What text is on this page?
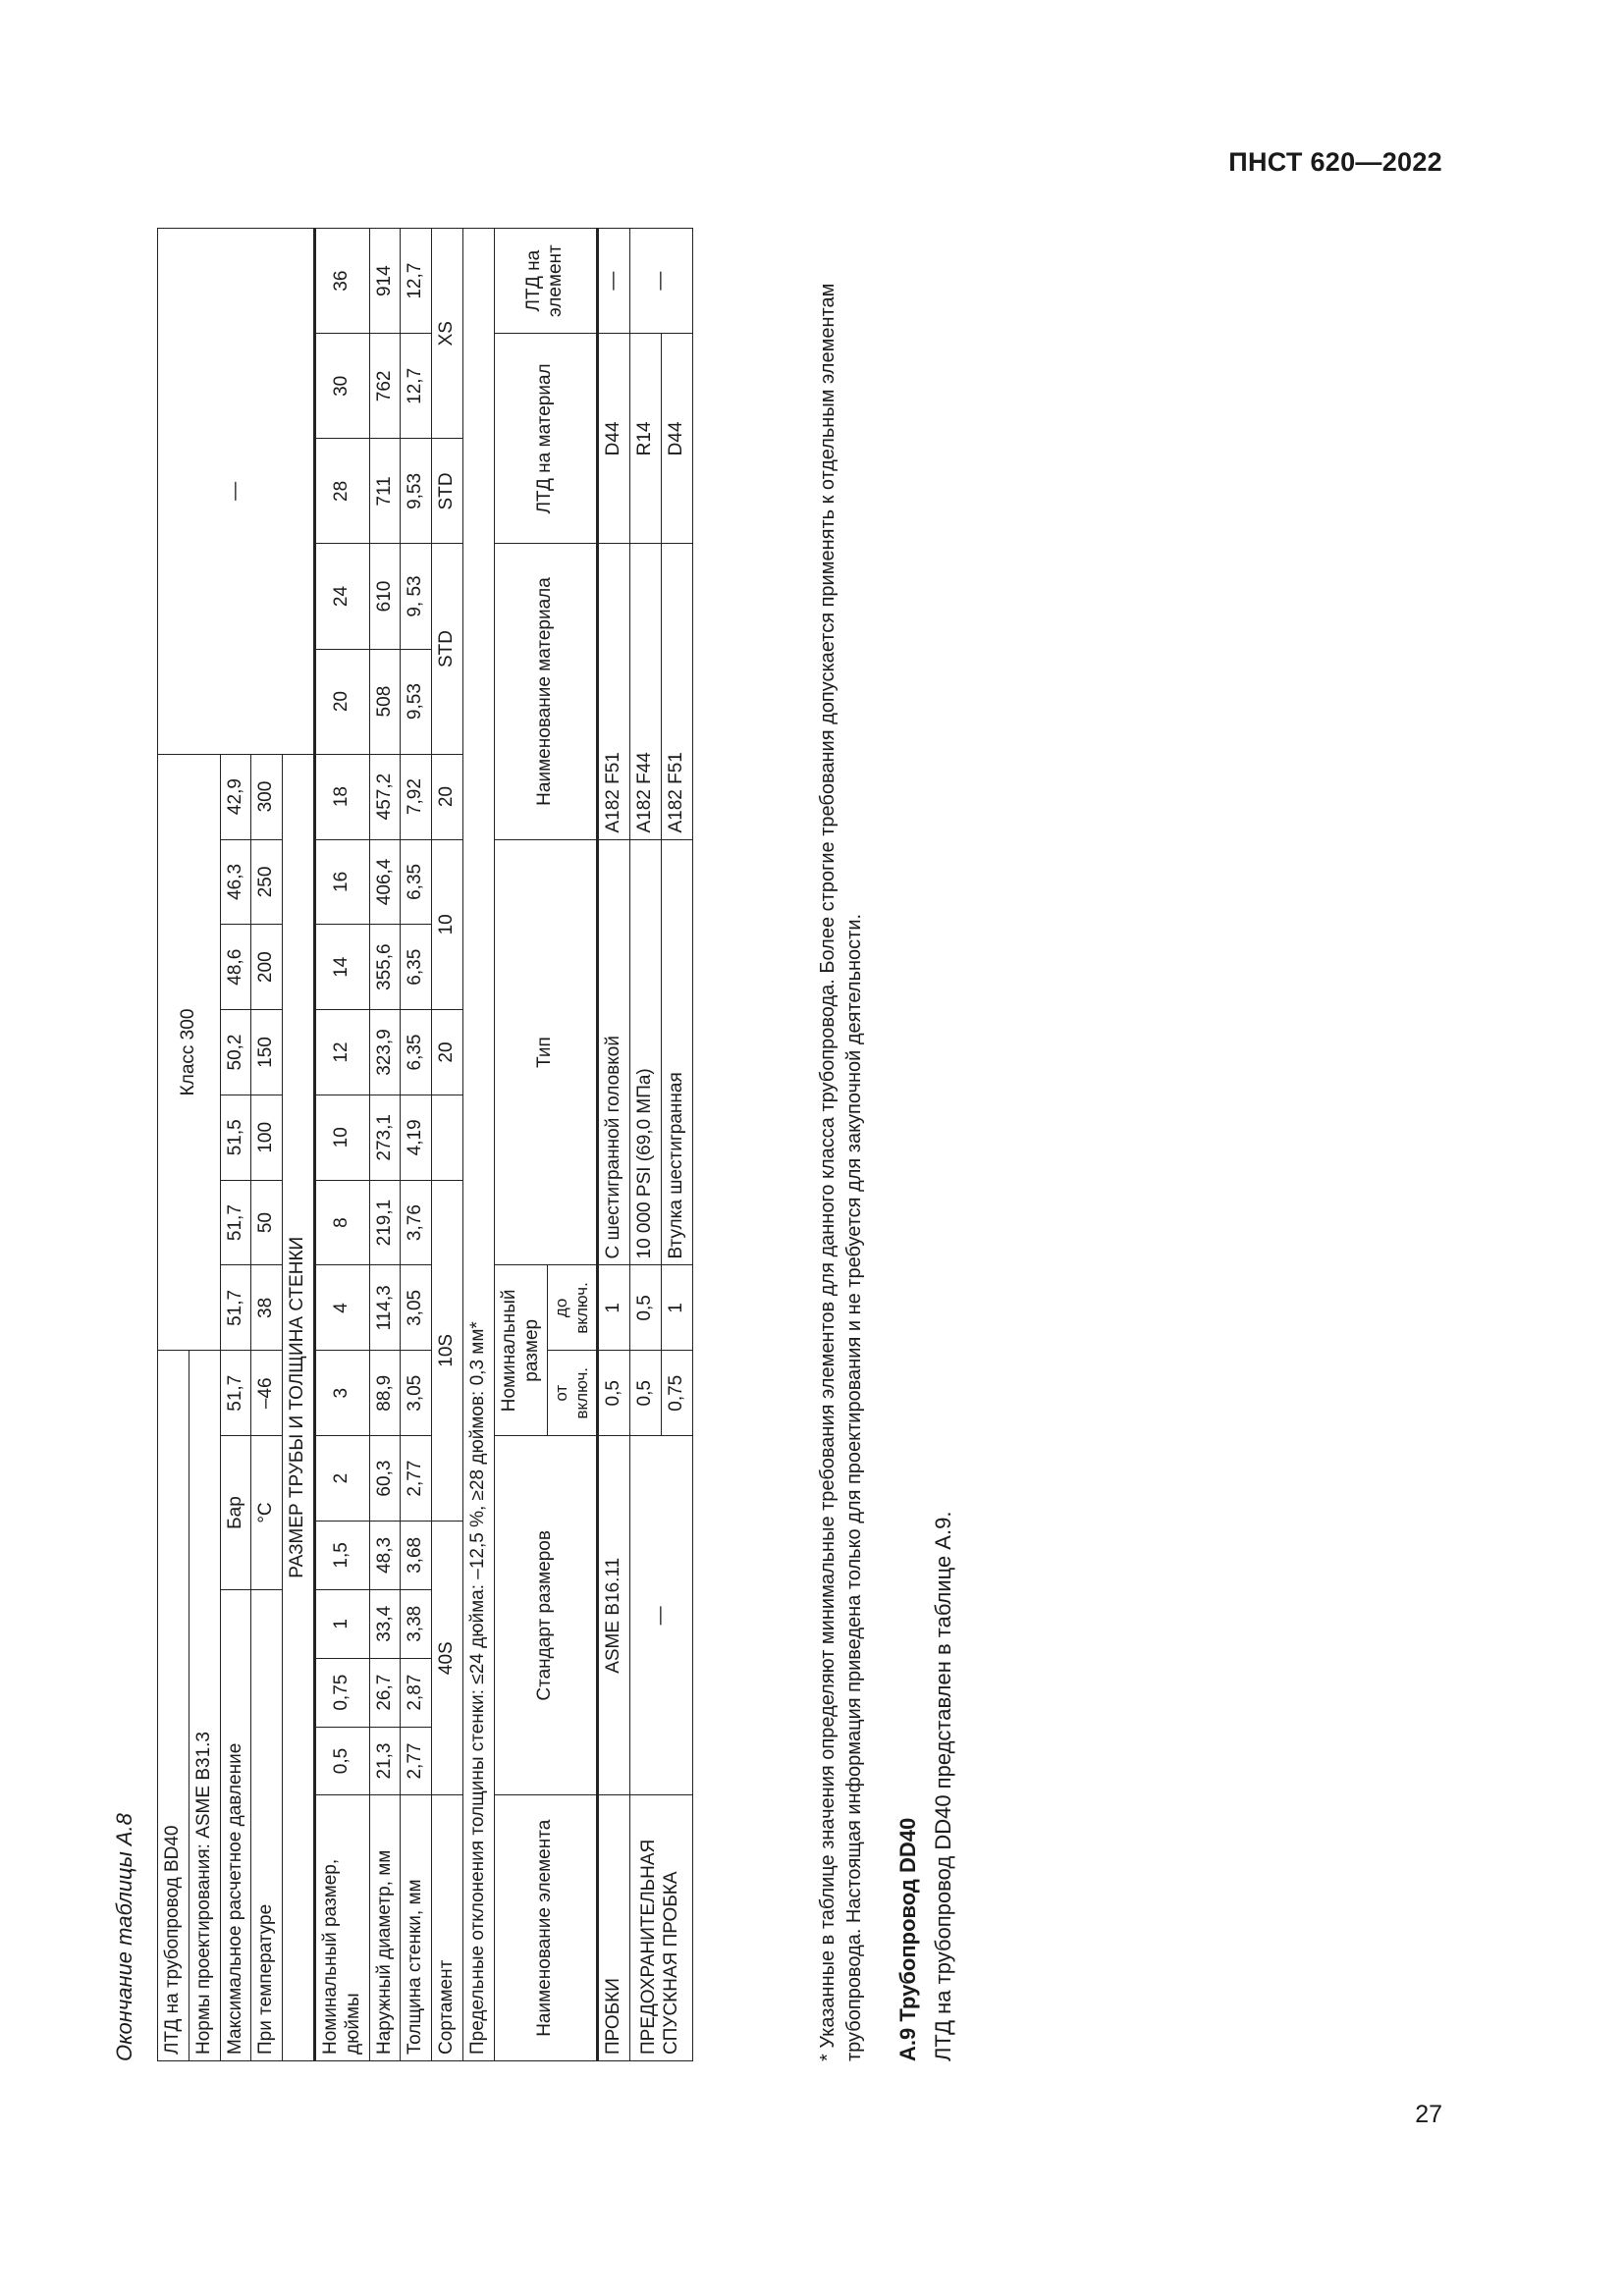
ПНСТ 620—2022
Окончание таблицы А.8 ЛТД на трубопровод BD40							Класс 300							—				
Нормы проектирования: ASME B31.3																		
Максимальное расчетное давление				Бар		51,7	51,7	51,7	51,5	50,2	48,6	46,3	42,9					
При температуре				°С		–46	38	50	100	150	200	250	300					
РАЗМЕР ТРУБЫ И ТОЛЩИНА СТЕНКИ																		
Номинальный размер, дюймы	0,5	0,75	1	1,5	2	3	4	8	10	12	14	16	18	20	24	28	30	36
Наружный диаметр, мм	21,3	26,7	33,4	48,3	60,3	88,9	114,3	219,1	273,1	323,9	355,6	406,4	457,2	508	610	711	762	914
Толщина стенки, мм	2,77	2,87	3,38	3,68	2,77	3,05	3,05	3,76	4,19	6,35	6,35	6,35	7,92	9,53	9, 53	9,53	12,7	12,7
Сортамент	40S				10S					20	10		20	STD		STD	XS	
Предельные отклонения толщины стенки: ≤24 дюйма: –12,5 %, ≥28 дюймов: 0,3 мм*																		
Наименование элемента	Стандарт размеров					Номинальный размер		Тип					Наименование материала			ЛТД на материал		ЛТД на элемент
						от включ.	до включ.											
ПРОБКИ	ASME B16.11					0,5	1	С шестигранной головкой					A182 F51			D44		—
ПРЕДОХРАНИТЕЛЬНАЯ СПУСКНАЯ ПРОБКА	—					0,5	0,5	10 000 PSI (69,0 МПа)					A182 F44			R14		—
						0,75	1	Втулка шестигранная					A182 F51			D44			* Указанные в таблице значения определяют минимальные требования элементов для данного класса трубопровода. Более строгие требования допускается применять к отдельным элементам трубопровода. Настоящая информация приведена только для проектирования и не требуется для закупочной деятельности. А.9 Трубопровод DD40 ЛТД на трубопровод DD40 представлен в таблице А.9.
27
